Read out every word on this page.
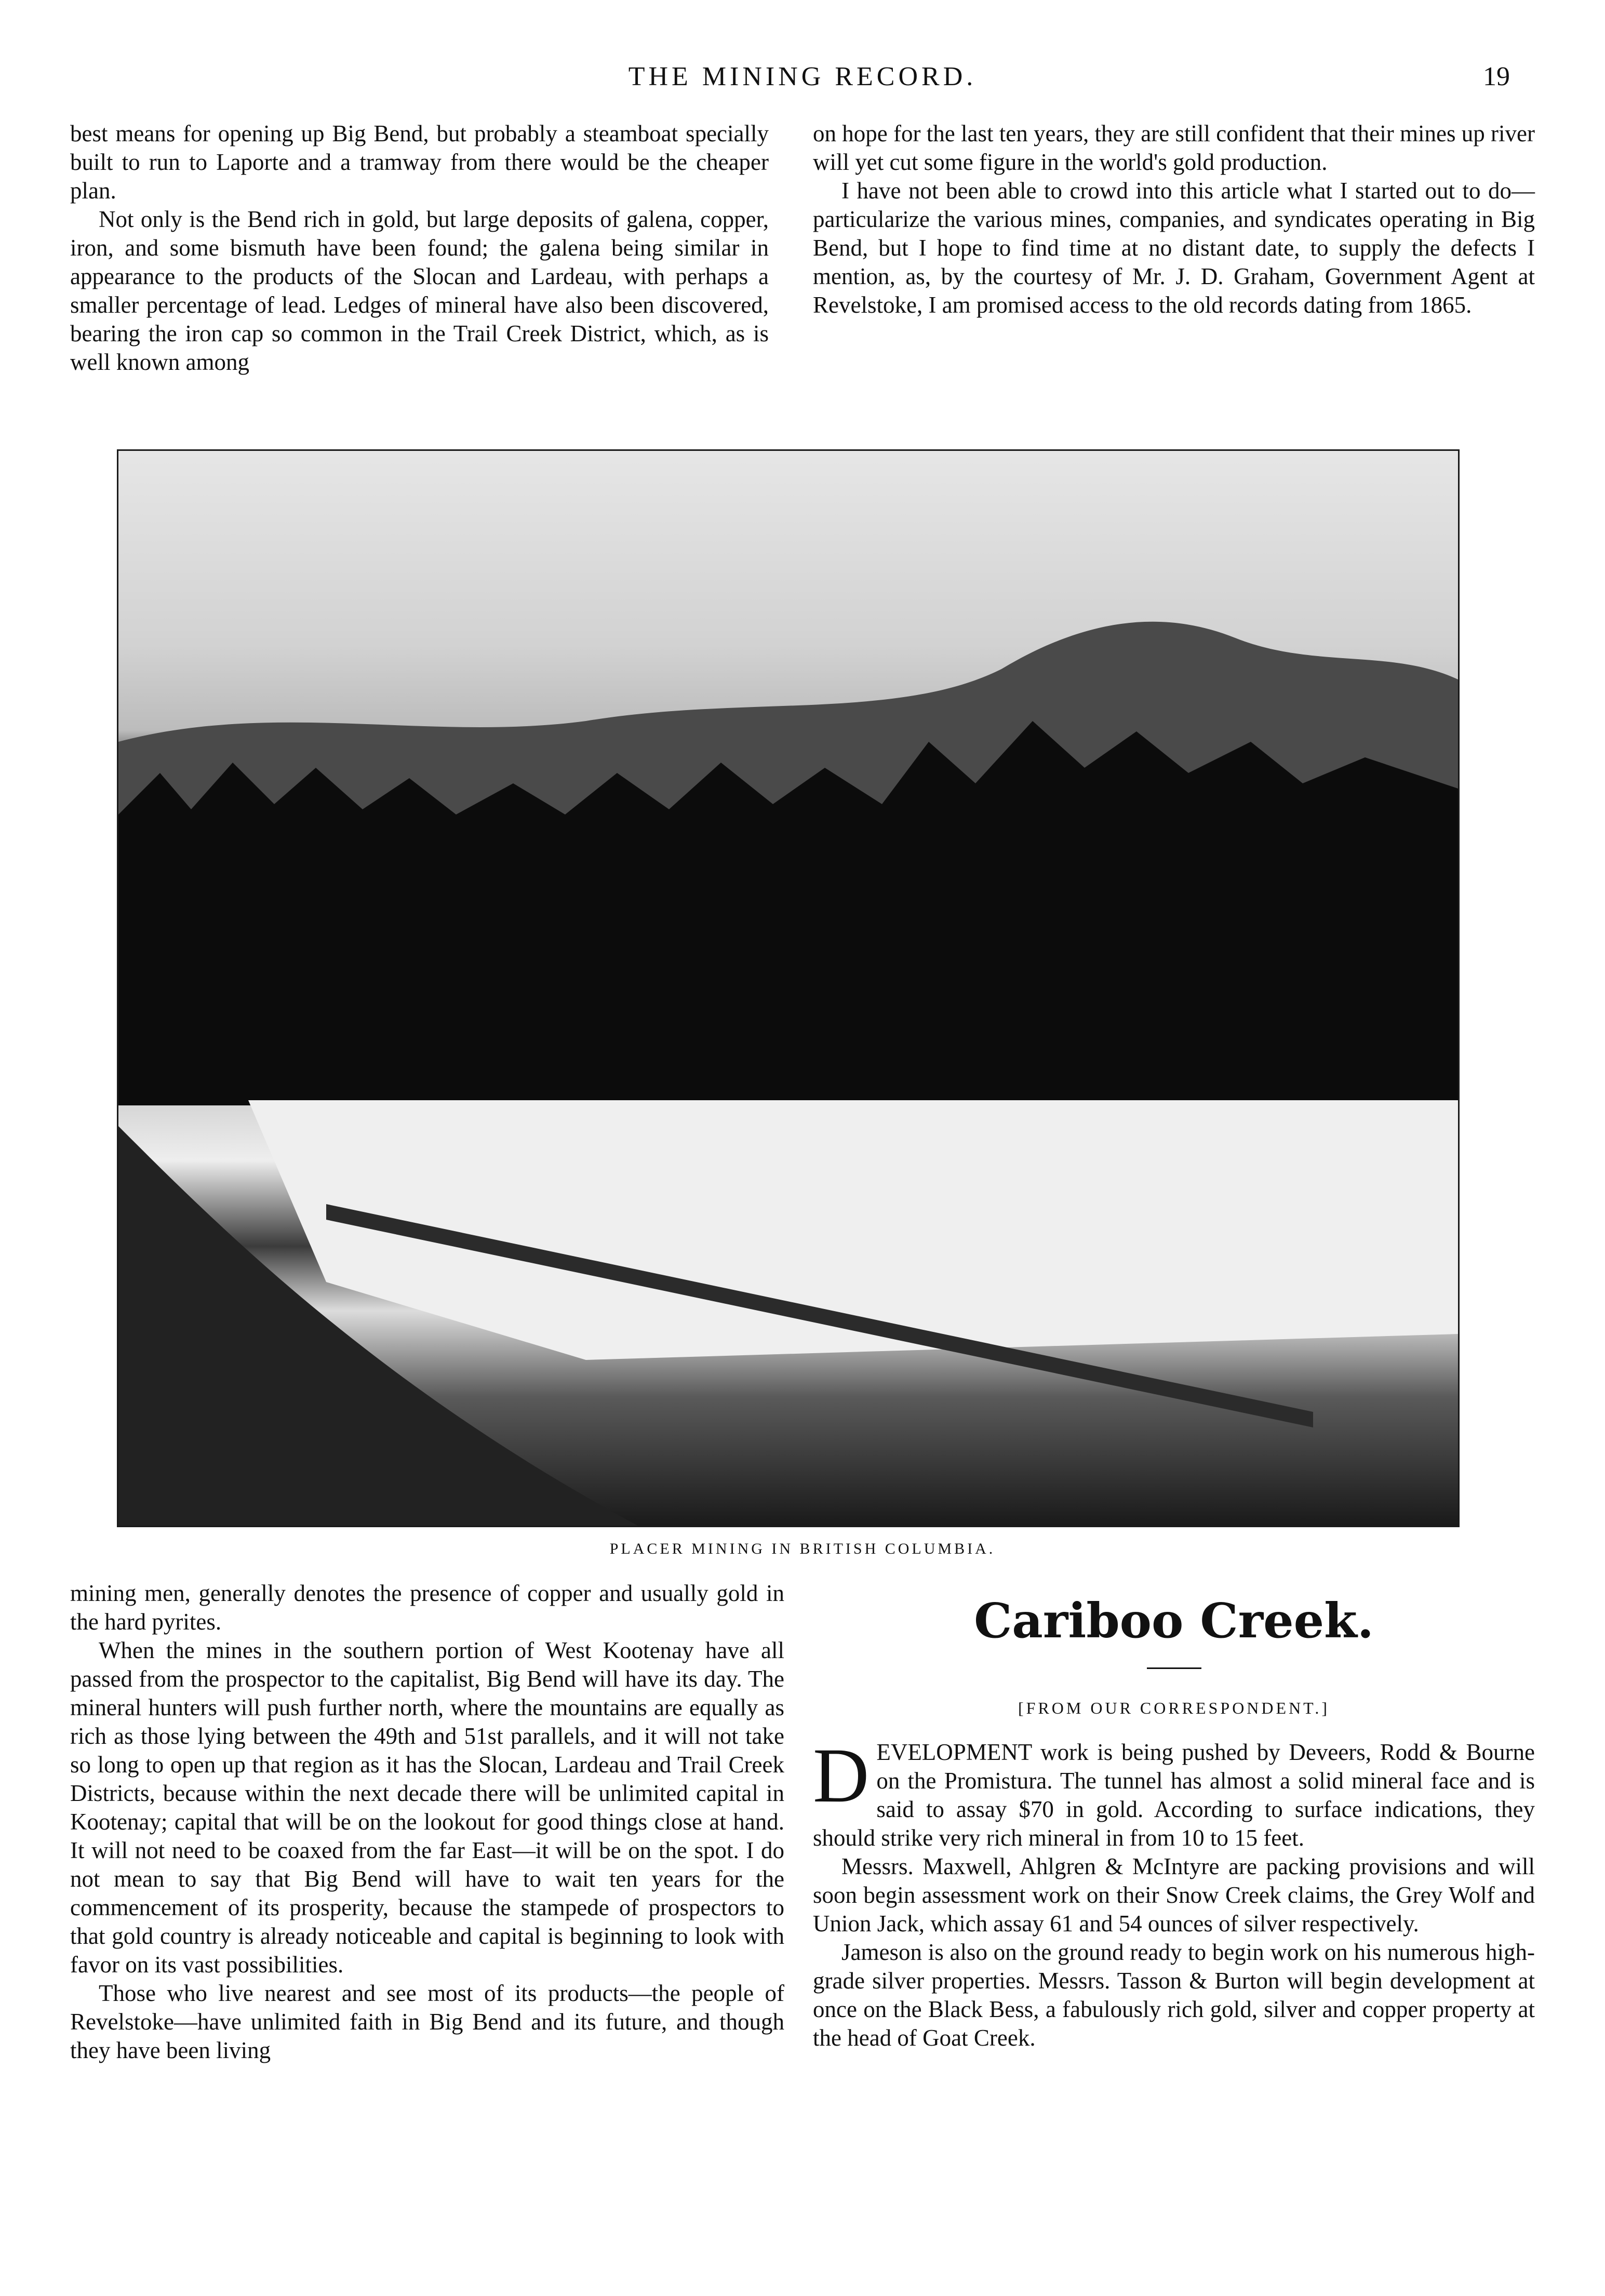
THE MINING RECORD.	19

best means for opening up Big Bend, but probably a steamboat specially built to run to Laporte and a tramway from there would be the cheaper plan.

Not only is the Bend rich in gold, but large deposits of galena, copper, iron, and some bismuth have been found; the galena being similar in appearance to the products of the Slocan and Lardeau, with perhaps a smaller percentage of lead. Ledges of mineral have also been discovered, bearing the iron cap so common in the Trail Creek District, which, as is well known among

on hope for the last ten years, they are still confident that their mines up river will yet cut some figure in the world's gold production.

I have not been able to crowd into this article what I started out to do—particularize the various mines, companies, and syndicates operating in Big Bend, but I hope to find time at no distant date, to supply the defects I mention, as, by the courtesy of Mr. J. D. Graham, Government Agent at Revelstoke, I am promised access to the old records dating from 1865.

PLACER MINING IN BRITISH COLUMBIA.

mining men, generally denotes the presence of copper and usually gold in the hard pyrites.

When the mines in the southern portion of West Kootenay have all passed from the prospector to the capitalist, Big Bend will have its day. The mineral hunters will push further north, where the mountains are equally as rich as those lying between the 49th and 51st parallels, and it will not take so long to open up that region as it has the Slocan, Lardeau and Trail Creek Districts, because within the next decade there will be unlimited capital in Kootenay; capital that will be on the lookout for good things close at hand. It will not need to be coaxed from the far East—it will be on the spot. I do not mean to say that Big Bend will have to wait ten years for the commencement of its prosperity, because the stampede of prospectors to that gold country is already noticeable and capital is beginning to look with favor on its vast possibilities.

Those who live nearest and see most of its products—the people of Revelstoke—have unlimited faith in Big Bend and its future, and though they have been living

Cariboo Creek.
[FROM OUR CORRESPONDENT.]

D EVELOPMENT work is being pushed by Deveers, Rodd & Bourne on the Promistura. The tunnel has almost a solid mineral face and is said to assay $70 in gold. According to surface indications, they should strike very rich mineral in from 10 to 15 feet.

Messrs. Maxwell, Ahlgren & McIntyre are packing provisions and will soon begin assessment work on their Snow Creek claims, the Grey Wolf and Union Jack, which assay 61 and 54 ounces of silver respectively.

Jameson is also on the ground ready to begin work on his numerous high-grade silver properties. Messrs. Tasson & Burton will begin development at once on the Black Bess, a fabulously rich gold, silver and copper property at the head of Goat Creek.
